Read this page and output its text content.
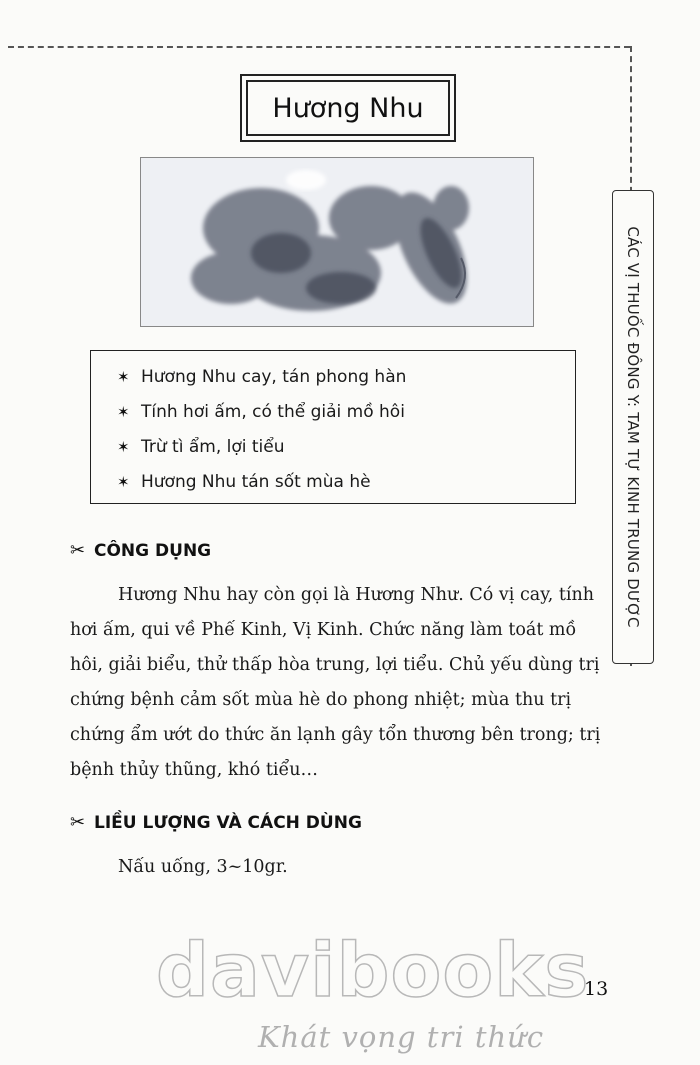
Hương Nhu
CÁC VỊ THUỐC ĐÔNG Y: TAM TỰ KINH TRUNG DƯỢC
✶ Hương Nhu cay, tán phong hàn
✶ Tính hơi ấm, có thể giải mồ hôi
✶ Trừ tì ẩm, lợi tiểu
✶ Hương Nhu tán sốt mùa hè
✂ CÔNG DỤNG

Hương Nhu hay còn gọi là Hương Như. Có vị cay, tính hơi ấm, qui về Phế Kinh, Vị Kinh. Chức năng làm toát mồ hôi, giải biểu, thử thấp hòa trung, lợi tiểu. Chủ yếu dùng trị chứng bệnh cảm sốt mùa hè do phong nhiệt; mùa thu trị chứng ẩm ướt do thức ăn lạnh gây tổn thương bên trong; trị bệnh thủy thũng, khó tiểu…

✂ LIỀU LƯỢNG VÀ CÁCH DÙNG

Nấu uống, 3~10gr.

davibooks
Khát vọng tri thức
13
